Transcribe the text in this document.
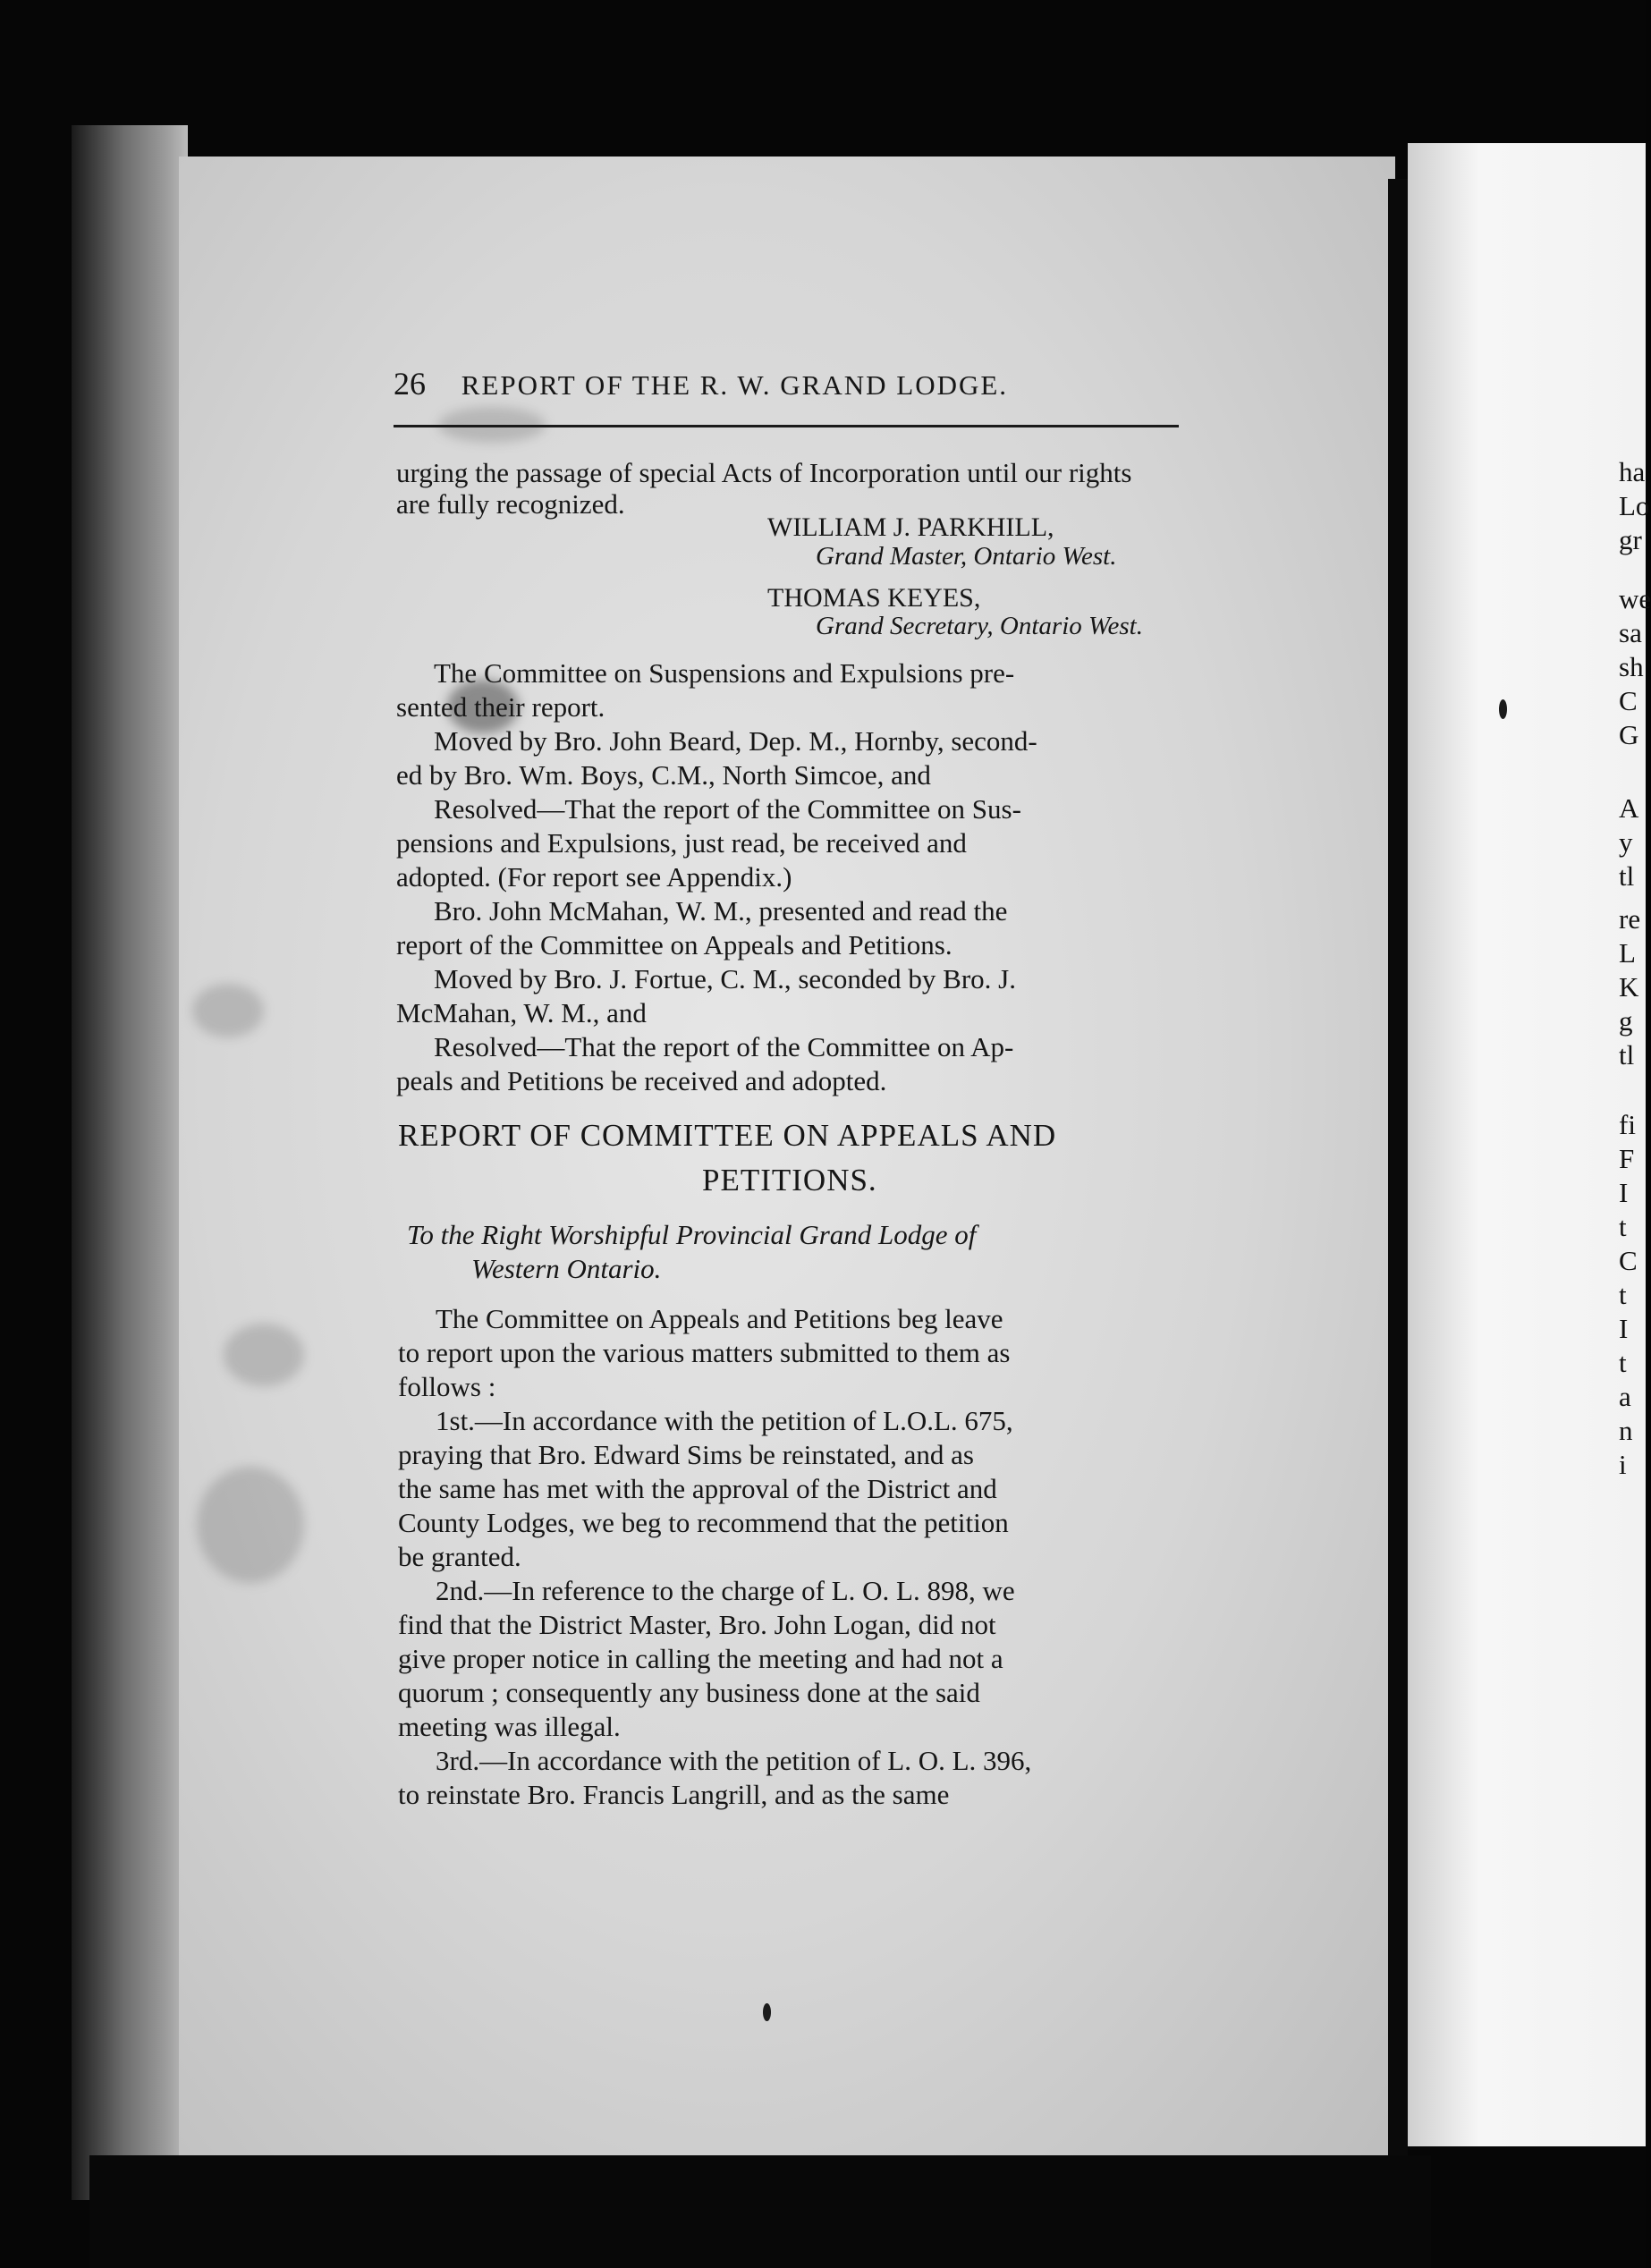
26 REPORT OF THE R. W. GRAND LODGE.
urging the passage of special Acts of Incorporation until our rights
are fully recognized.
WILLIAM J. PARKHILL,
Grand Master, Ontario West.
THOMAS KEYES,
Grand Secretary, Ontario West.
The Committee on Suspensions and Expulsions pre-
sented their report.
Moved by Bro. John Beard, Dep. M., Hornby, second-
ed by Bro. Wm. Boys, C.M., North Simcoe, and
Resolved—That the report of the Committee on Sus-
pensions and Expulsions, just read, be received and
adopted. (For report see Appendix.)
Bro. John McMahan, W. M., presented and read the
report of the Committee on Appeals and Petitions.
Moved by Bro. J. Fortue, C. M., seconded by Bro. J.
McMahan, W. M., and
Resolved—That the report of the Committee on Ap-
peals and Petitions be received and adopted.
REPORT OF COMMITTEE ON APPEALS AND
PETITIONS.
To the Right Worshipful Provincial Grand Lodge of
Western Ontario.
The Committee on Appeals and Petitions beg leave
to report upon the various matters submitted to them as
follows :
1st.—In accordance with the petition of L.O.L. 675,
praying that Bro. Edward Sims be reinstated, and as
the same has met with the approval of the District and
County Lodges, we beg to recommend that the petition
be granted.
2nd.—In reference to the charge of L. O. L. 898, we
find that the District Master, Bro. John Logan, did not
give proper notice in calling the meeting and had not a
quorum ; consequently any business done at the said
meeting was illegal.
3rd.—In accordance with the petition of L. O. L. 396,
to reinstate Bro. Francis Langrill, and as the same
ha
Lo
gr
we
sa
sh
C
G
A
y
tl
re
L
K
g
tl
fi
F
I
t
C
t
I
t
a
n
i
